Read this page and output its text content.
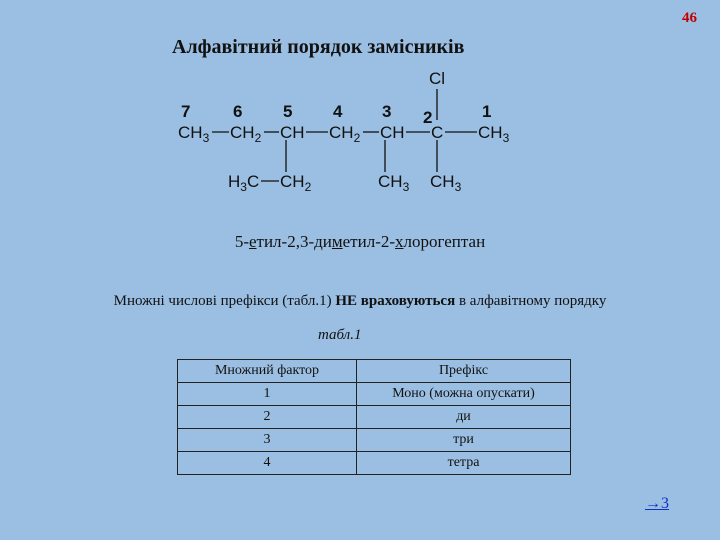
46
Алфавітний порядок замісників
7	6 5 4 3 2	1
Cl
$CH_3$ $CH_2$ CH $CH_2$ CH C $CH_3$
$H_3C$ $CH_2$	$CH_3$ $CH_3$
5-етил-2,3-диметил-2-хлорогептан
Множні числові префікси (табл.1) НЕ враховуються в алфавітному порядку
табл.1
Множний фактор	Префікс
1	Моно (можна опускати)
2	ди
3	три
4	тетра
→3
